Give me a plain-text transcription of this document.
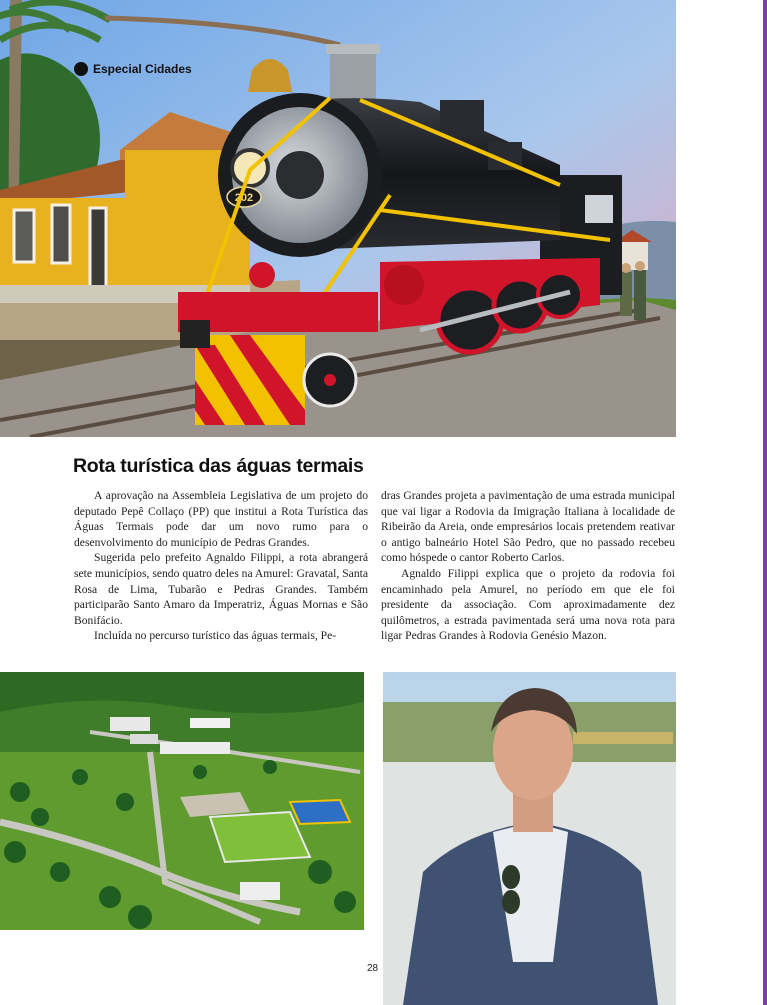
202
Especial Cidades
Rota turística das águas termais

A aprovação na Assembleia Legislativa de um projeto do deputado Pepê Collaço (PP) que institui a Rota Turística das Águas Termais pode dar um novo rumo para o desenvolvimento do município de Pedras Grandes.

Sugerida pelo prefeito Agnaldo Filippi, a rota abrangerá sete municípios, sendo quatro deles na Amurel: Gravatal, Santa Rosa de Lima, Tubarão e Pedras Grandes. Também participarão Santo Amaro da Imperatriz, Águas Mornas e São Bonifácio.

Incluída no percurso turístico das águas termais, Pe-

dras Grandes projeta a pavimentação de uma estrada municipal que vai ligar a Rodovia da Imigração Italiana à localidade de Ribeirão da Areia, onde empresários locais pretendem reativar o antigo balneário Hotel São Pedro, que no passado recebeu como hóspede o cantor Roberto Carlos.

Agnaldo Filippi explica que o projeto da rodovia foi encaminhado pela Amurel, no período em que ele foi presidente da associação. Com aproximadamente dez quilômetros, a estrada pavimentada será uma nova rota para ligar Pedras Grandes à Rodovia Genésio Mazon.

28
